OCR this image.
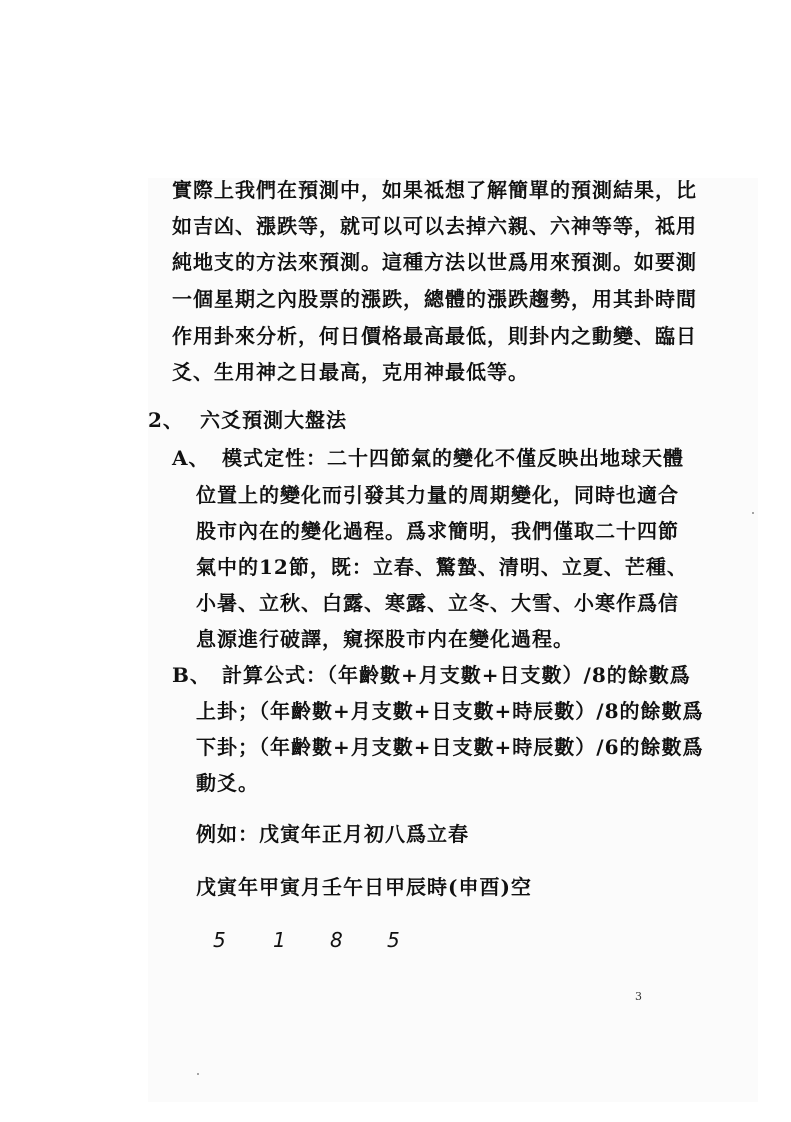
實際上我們在預測中，如果祗想了解簡單的預測結果，比
如吉凶、漲跌等，就可以可以去掉六親、六神等等，祗用
純地支的方法來預測。這種方法以世爲用來預測。如要測
一個星期之內股票的漲跌，總體的漲跌趨勢，用其卦時間
作用卦來分析，何日價格最高最低，則卦内之動變、臨日
爻、生用神之日最高，克用神最低等。
2、 六爻預測大盤法
A、 模式定性：二十四節氣的變化不僅反映出地球天體
位置上的變化而引發其力量的周期變化，同時也適合
股市內在的變化過程。爲求簡明，我們僅取二十四節
氣中的12節，既：立春、驚蟄、清明、立夏、芒種、
小暑、立秋、白露、寒露、立冬、大雪、小寒作爲信
息源進行破譯，窺探股市内在變化過程。
B、 計算公式：（年齡數+月支數+日支數）/8的餘數爲
上卦；（年齡數+月支數+日支數+時辰數）/8的餘數爲
下卦；（年齡數+月支數+日支數+時辰數）/6的餘數爲
動爻。
例如：戊寅年正月初八爲立春
戊寅年甲寅月壬午日甲辰時(申酉)空
5 1 8 5
3
